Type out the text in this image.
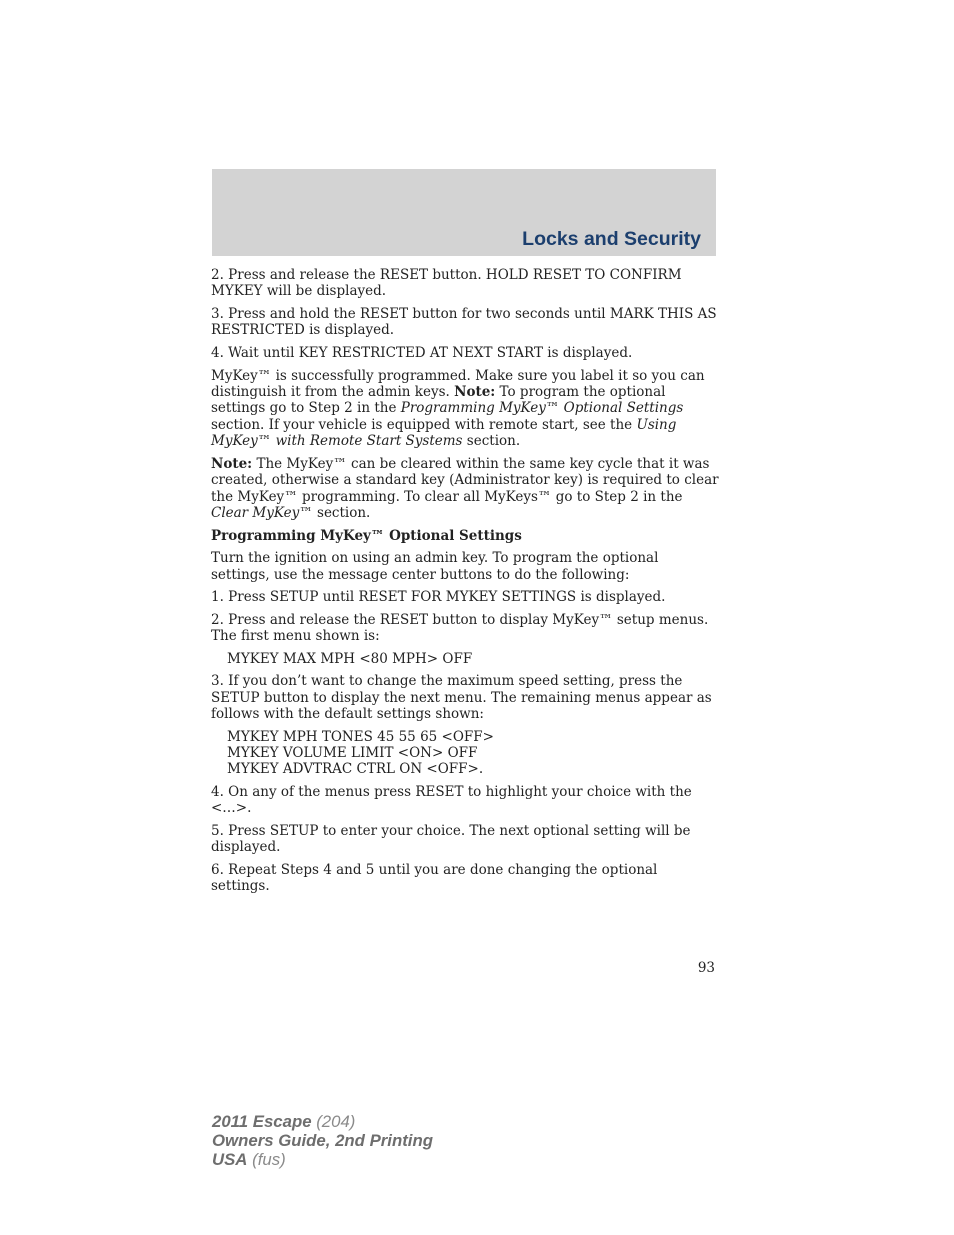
Locks and Security

2. Press and release the RESET button. HOLD RESET TO CONFIRM MYKEY will be displayed.

3. Press and hold the RESET button for two seconds until MARK THIS AS RESTRICTED is displayed.

4. Wait until KEY RESTRICTED AT NEXT START is displayed.

MyKey™ is successfully programmed. Make sure you label it so you can distinguish it from the admin keys. Note: To program the optional settings go to Step 2 in the Programming MyKey™ Optional Settings section. If your vehicle is equipped with remote start, see the Using MyKey™ with Remote Start Systems section.

Note: The MyKey™ can be cleared within the same key cycle that it was created, otherwise a standard key (Administrator key) is required to clear the MyKey™ programming. To clear all MyKeys™ go to Step 2 in the Clear MyKey™ section.

Programming MyKey™ Optional Settings

Turn the ignition on using an admin key. To program the optional settings, use the message center buttons to do the following:

1. Press SETUP until RESET FOR MYKEY SETTINGS is displayed.

2. Press and release the RESET button to display MyKey™ setup menus. The first menu shown is:

MYKEY MAX MPH <80 MPH> OFF

3. If you don’t want to change the maximum speed setting, press the SETUP button to display the next menu. The remaining menus appear as follows with the default settings shown:

MYKEY MPH TONES 45 55 65 <OFF>
MYKEY VOLUME LIMIT <ON> OFF
MYKEY ADVTRAC CTRL ON <OFF>.

4. On any of the menus press RESET to highlight your choice with the <…>.

5. Press SETUP to enter your choice. The next optional setting will be displayed.

6. Repeat Steps 4 and 5 until you are done changing the optional settings.

93
2011 Escape (204)
Owners Guide, 2nd Printing
USA (fus)
